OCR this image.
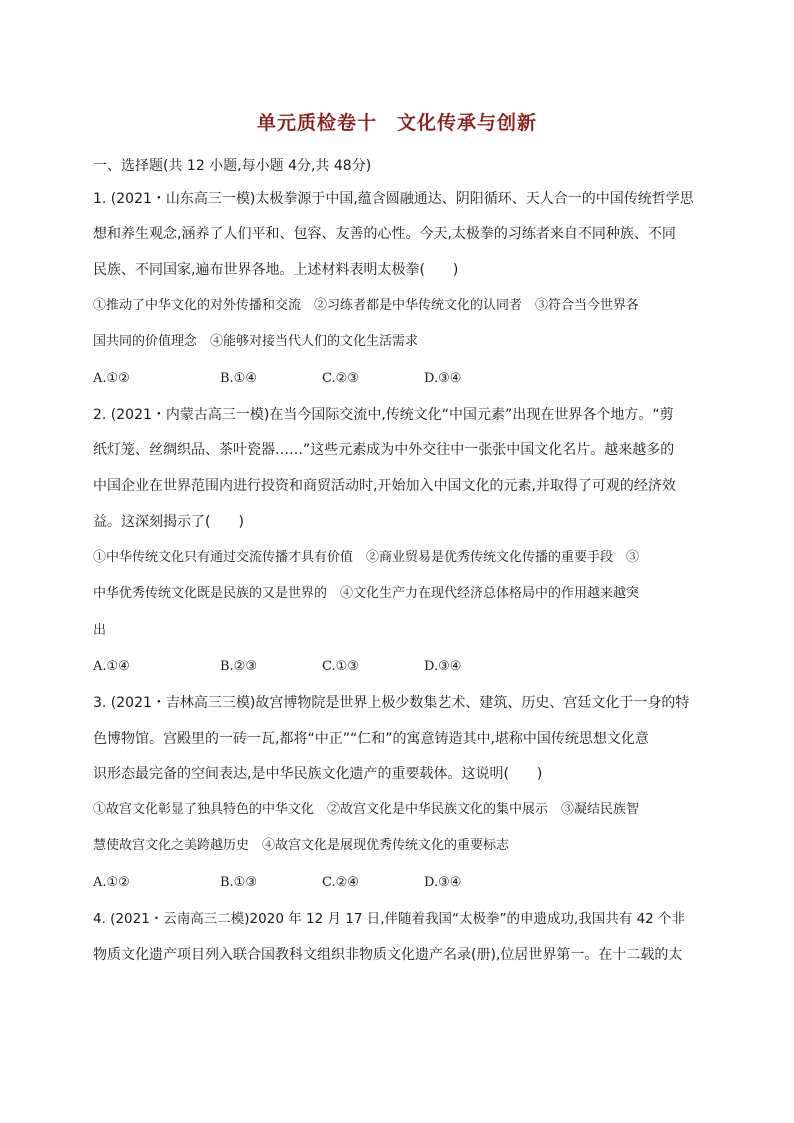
单元质检卷十　文化传承与创新
一、选择题(共 12 小题,每小题 4分,共 48分)
1. (2021・山东高三一模)太极拳源于中国,蕴含圆融通达、阴阳循环、天人合一的中国传统哲学思
想和养生观念,涵养了人们平和、包容、友善的心性。今天,太极拳的习练者来自不同种族、不同
民族、不同国家,遍布世界各地。上述材料表明太极拳(　　)
①推动了中华文化的对外传播和交流　②习练者都是中华传统文化的认同者　③符合当今世界各
国共同的价值理念　④能够对接当代人们的文化生活需求
A.①②	B.①④	C.②③	D.③④
2. (2021・内蒙古高三一模)在当今国际交流中,传统文化“中国元素”出现在世界各个地方。“剪
纸灯笼、丝绸织品、茶叶瓷器……”这些元素成为中外交往中一张张中国文化名片。越来越多的
中国企业在世界范围内进行投资和商贸活动时,开始加入中国文化的元素,并取得了可观的经济效
益。这深刻揭示了(　　)
①中华传统文化只有通过交流传播才具有价值　②商业贸易是优秀传统文化传播的重要手段　③
中华优秀传统文化既是民族的又是世界的　④文化生产力在现代经济总体格局中的作用越来越突
出
A.①④	B.②③	C.①③	D.③④
3. (2021・吉林高三三模)故宫博物院是世界上极少数集艺术、建筑、历史、宫廷文化于一身的特
色博物馆。宫殿里的一砖一瓦,都将“中正”“仁和”的寓意铸造其中,堪称中国传统思想文化意
识形态最完备的空间表达,是中华民族文化遗产的重要载体。这说明(　　)
①故宫文化彰显了独具特色的中华文化　②故宫文化是中华民族文化的集中展示　③凝结民族智
慧使故宫文化之美跨越历史　④故宫文化是展现优秀传统文化的重要标志
A.①②	B.①③	C.②④	D.③④
4. (2021・云南高三二模)2020 年 12 月 17 日,伴随着我国“太极拳”的申遗成功,我国共有 42 个非
物质文化遗产项目列入联合国教科文组织非物质文化遗产名录(册),位居世界第一。在十二载的太
